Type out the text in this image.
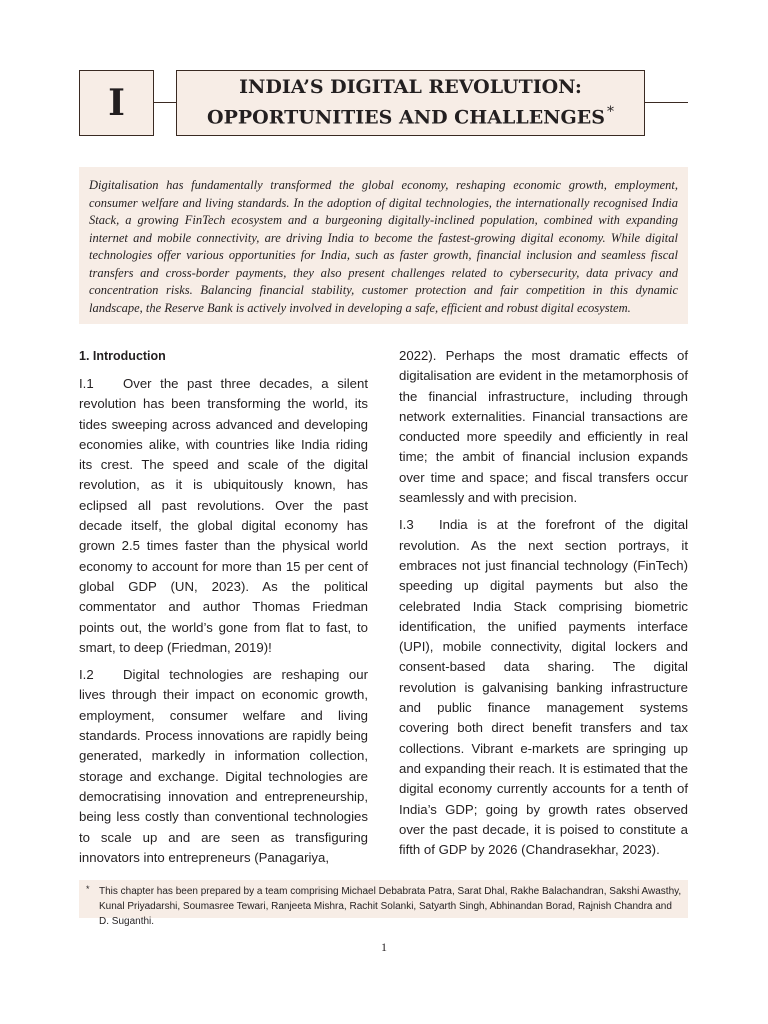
I	INDIA’S DIGITAL REVOLUTION:
OPPORTUNITIES AND CHALLENGES *
Digitalisation has fundamentally transformed the global economy, reshaping economic growth, employment, consumer welfare and living standards. In the adoption of digital technologies, the internationally recognised India Stack, a growing FinTech ecosystem and a burgeoning digitally-inclined population, combined with expanding internet and mobile connectivity, are driving India to become the fastest-growing digital economy. While digital technologies offer various opportunities for India, such as faster growth, financial inclusion and seamless fiscal transfers and cross-border payments, they also present challenges related to cybersecurity, data privacy and concentration risks. Balancing financial stability, customer protection and fair competition in this dynamic landscape, the Reserve Bank is actively involved in developing a safe, efficient and robust digital ecosystem.
1. Introduction

I.1 Over the past three decades, a silent revolution has been transforming the world, its tides sweeping across advanced and developing economies alike, with countries like India riding its crest. The speed and scale of the digital revolution, as it is ubiquitously known, has eclipsed all past revolutions. Over the past decade itself, the global digital economy has grown 2.5 times faster than the physical world economy to account for more than 15 per cent of global GDP (UN, 2023). As the political commentator and author Thomas Friedman points out, the world’s gone from flat to fast, to smart, to deep (Friedman, 2019)!

I.2 Digital technologies are reshaping our lives through their impact on economic growth, employment, consumer welfare and living standards. Process innovations are rapidly being generated, markedly in information collection, storage and exchange. Digital technologies are democratising innovation and entrepreneurship, being less costly than conventional technologies to scale up and are seen as transfiguring innovators into entrepreneurs (Panagariya,

2022). Perhaps the most dramatic effects of digitalisation are evident in the metamorphosis of the financial infrastructure, including through network externalities. Financial transactions are conducted more speedily and efficiently in real time; the ambit of financial inclusion expands over time and space; and fiscal transfers occur seamlessly and with precision.

I.3 India is at the forefront of the digital revolution. As the next section portrays, it embraces not just financial technology (FinTech) speeding up digital payments but also the celebrated India Stack comprising biometric identification, the unified payments interface (UPI), mobile connectivity, digital lockers and consent-based data sharing. The digital revolution is galvanising banking infrastructure and public finance management systems covering both direct benefit transfers and tax collections. Vibrant e-markets are springing up and expanding their reach. It is estimated that the digital economy currently accounts for a tenth of India’s GDP; going by growth rates observed over the past decade, it is poised to constitute a fifth of GDP by 2026 (Chandrasekhar, 2023).

* This chapter has been prepared by a team comprising Michael Debabrata Patra, Sarat Dhal, Rakhe Balachandran, Sakshi Awasthy, Kunal Priyadarshi, Soumasree Tewari, Ranjeeta Mishra, Rachit Solanki, Satyarth Singh, Abhinandan Borad, Rajnish Chandra and D. Suganthi.
1
